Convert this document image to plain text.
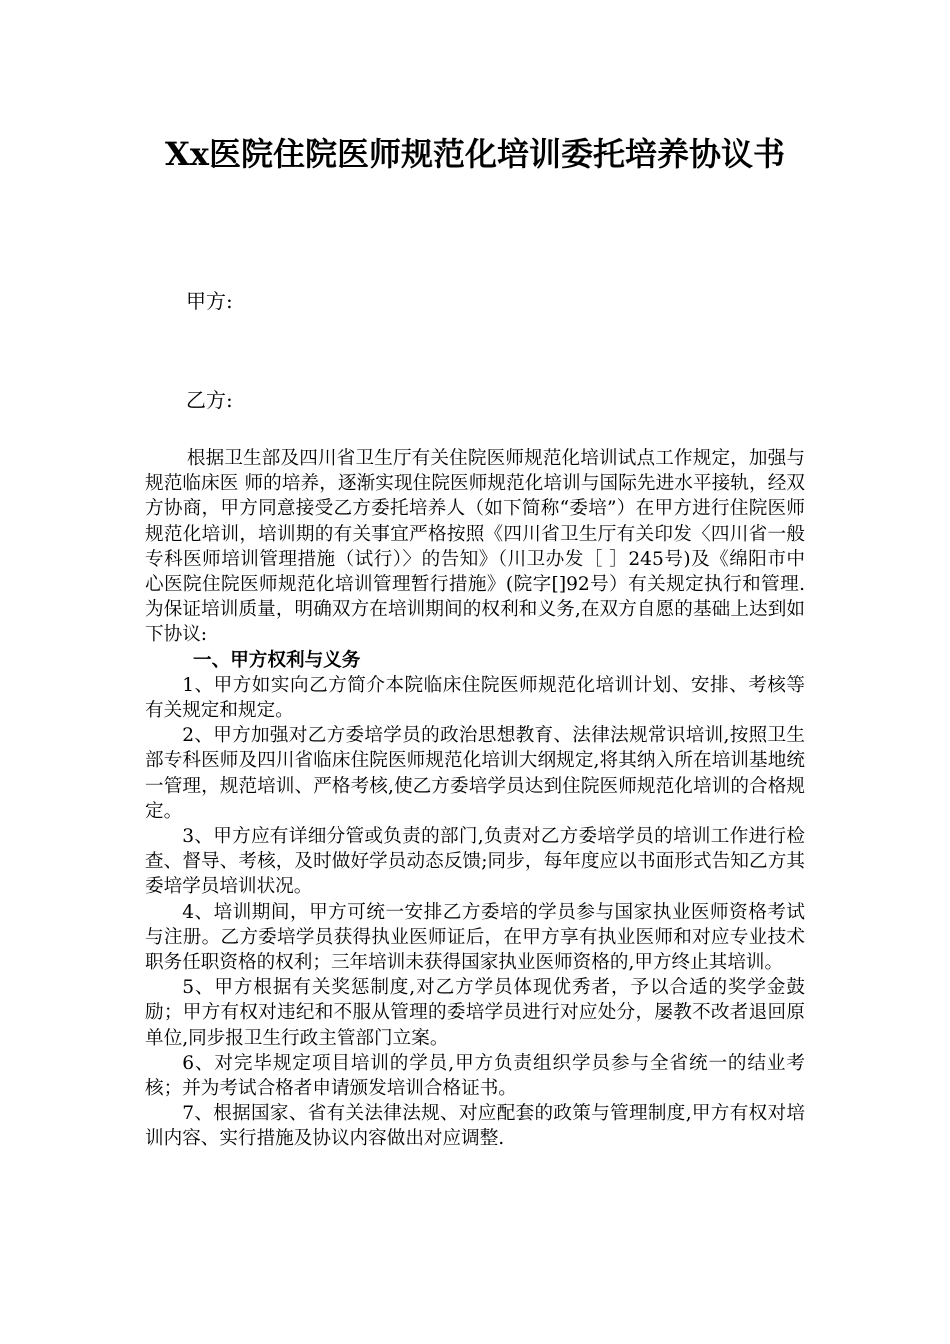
Xx医院住院医师规范化培训委托培养协议书
甲方:
乙方:

根据卫生部及四川省卫生厅有关住院医师规范化培训试点工作规定，加强与规范临床医 师的培养，逐渐实现住院医师规范化培训与国际先进水平接轨，经双方协商，甲方同意接受乙方委托培养人（如下简称“委培”）在甲方进行住院医师规范化培训，培训期的有关事宜严格按照《四川省卫生厅有关印发〈四川省一般专科医师培训管理措施（试行）〉的告知》（川卫办发［ ］245号)及《绵阳市中心医院住院医师规范化培训管理暂行措施》(院字[]92号）有关规定执行和管理.为保证培训质量，明确双方在培训期间的权利和义务,在双方自愿的基础上达到如下协议:

一、甲方权利与义务

1、甲方如实向乙方简介本院临床住院医师规范化培训计划、安排、考核等有关规定和规定。

2、甲方加强对乙方委培学员的政治思想教育、法律法规常识培训,按照卫生部专科医师及四川省临床住院医师规范化培训大纲规定,将其纳入所在培训基地统一管理，规范培训、严格考核,使乙方委培学员达到住院医师规范化培训的合格规定。

3、甲方应有详细分管或负责的部门,负责对乙方委培学员的培训工作进行检查、督导、考核，及时做好学员动态反馈;同步，每年度应以书面形式告知乙方其委培学员培训状况。

4、培训期间，甲方可统一安排乙方委培的学员参与国家执业医师资格考试与注册。乙方委培学员获得执业医师证后，在甲方享有执业医师和对应专业技术职务任职资格的权利；三年培训未获得国家执业医师资格的,甲方终止其培训。

5、甲方根据有关奖惩制度,对乙方学员体现优秀者，予以合适的奖学金鼓励；甲方有权对违纪和不服从管理的委培学员进行对应处分，屡教不改者退回原单位,同步报卫生行政主管部门立案。

6、对完毕规定项目培训的学员,甲方负责组织学员参与全省统一的结业考核；并为考试合格者申请颁发培训合格证书。

7、根据国家、省有关法律法规、对应配套的政策与管理制度,甲方有权对培训内容、实行措施及协议内容做出对应调整.
